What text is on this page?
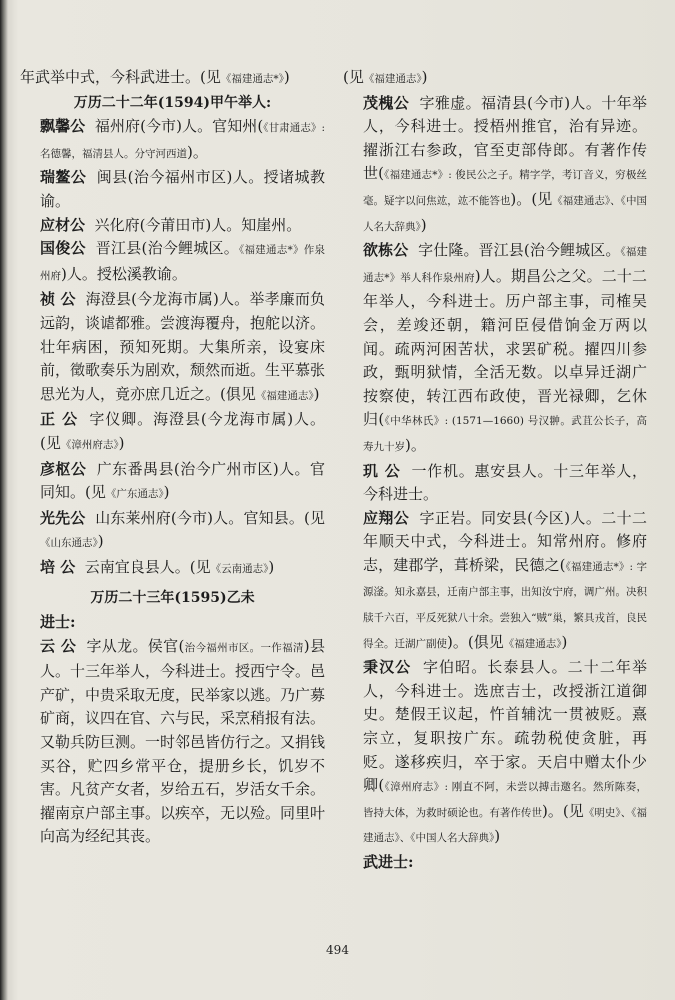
年武举中式，今科武进士。(见《福建通志*》)

万历二十二年(1594)甲午举人:

飘馨公 福州府(今市)人。官知州(《甘肃通志》: 名德馨，福清县人。分守河西道)。

瑞鳌公 闽县(治今福州市区)人。授诸城教谕。

应材公 兴化府(今莆田市)人。知崖州。

国俊公 晋江县(治今鲤城区。《福建通志*》作泉州府)人。授松溪教谕。

祯 公 海澄县(今龙海市属)人。举孝廉而负远韵，谈谑都雅。尝渡海覆舟，抱舵以济。壮年病困，预知死期。大集所亲，设宴床前，徵歌奏乐为剧欢，颓然而逝。生平慕张思光为人，竟亦庶几近之。(俱见《福建通志》)

正 公 字仪卿。海澄县(今龙海市属)人。(见《漳州府志》)

彦枢公 广东番禺县(治今广州市区)人。官同知。(见《广东通志》)

光先公 山东莱州府(今市)人。官知县。(见《山东通志》)

培 公 云南宜良县人。(见《云南通志》)

万历二十三年(1595)乙未

进士:

云 公 字从龙。侯官(治今福州市区。一作福清)县人。十三年举人，今科进士。授西宁令。邑产矿，中贵采取无度，民举家以逃。乃广募矿商，议四在官、六与民，采烹稍报有法。又勒兵防巨测。一时邻邑皆仿行之。又捐钱买谷，贮四乡常平仓，提册乡长，饥岁不害。凡贫产女者，岁给五石，岁活女千余。擢南京户部主事。以疾卒，无以殓。同里叶向高为经纪其丧。

(见《福建通志》)

茂槐公 字雅虚。福清县(今市)人。十年举人，今科进士。授梧州推官，治有异迹。擢浙江右参政，官至吏部侍郎。有著作传世(《福建通志*》: 俊民公之子。精字学，考订音义，穷极丝毫。疑字以问焦竑，竑不能答也)。(见《福建通志》、《中国人名大辞典》)

欲栋公 字仕隆。晋江县(治今鲤城区。《福建通志*》举人科作泉州府)人。期昌公之父。二十二年举人，今科进士。历户部主事，司榷吴会，差竣还朝，籍河臣侵借饷金万两以闻。疏两河困苦状，求罢矿税。擢四川参政，甄明狱情，全活无数。以卓异迁湖广按察使，转江西布政使，晋光禄卿，乞休归(《中华林氏》: (1571—1660) 号汉翀。武苴公长子，高寿九十岁)。

玑 公 一作机。惠安县人。十三年举人，今科进士。

应翔公 字正岩。同安县(今区)人。二十二年顺天中式，今科进士。知常州府。修府志，建郡学，葺桥梁，民德之(《福建通志*》: 字源滏。知永嘉县，迁南户部主事，出知汝宁府，调广州。决积牍千六百，平反死狱八十余。尝独入“贼”巢，繁具戎首，良民得全。迁湖广副使)。(俱见《福建通志》)

秉汉公 字伯昭。长泰县人。二十二年举人，今科进士。选庶吉士，改授浙江道御史。楚假王议起，忤首辅沈一贯被贬。熹宗立，复职按广东。疏勃税使贪脏，再贬。遂移疾归，卒于家。天启中赠太仆少卿(《漳州府志》: 刚直不阿，未尝以搏击邀名。然所陈奏，皆持大体，为救时硕论也。有著作传世)。(见《明史》、《福建通志》、《中国人名大辞典》)

武进士:

494
